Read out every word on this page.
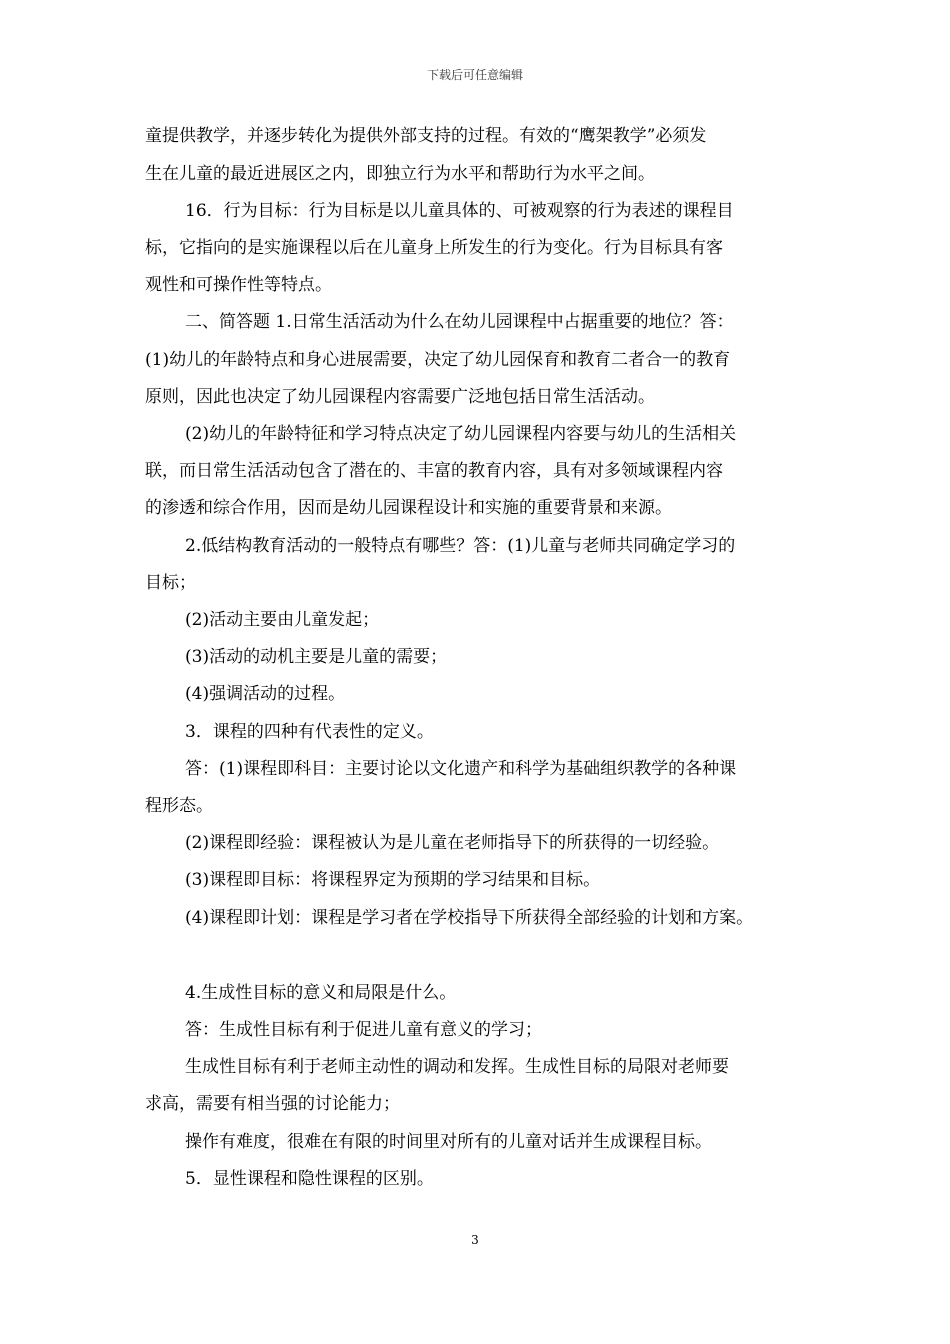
下载后可任意编辑
童提供教学，并逐步转化为提供外部支持的过程。有效的“鹰架教学”必须发
生在儿童的最近进展区之内，即独立行为水平和帮助行为水平之间。
16．行为目标：行为目标是以儿童具体的、可被观察的行为表述的课程目
标，它指向的是实施课程以后在儿童身上所发生的行为变化。行为目标具有客
观性和可操作性等特点。
二、简答题 1.日常生活活动为什么在幼儿园课程中占据重要的地位？答：
(1)幼儿的年龄特点和身心进展需要，决定了幼儿园保育和教育二者合一的教育
原则，因此也决定了幼儿园课程内容需要广泛地包括日常生活活动。
(2)幼儿的年龄特征和学习特点决定了幼儿园课程内容要与幼儿的生活相关
联，而日常生活活动包含了潜在的、丰富的教育内容，具有对多领域课程内容
的渗透和综合作用，因而是幼儿园课程设计和实施的重要背景和来源。
2.低结构教育活动的一般特点有哪些？答：(1)儿童与老师共同确定学习的
目标；
(2)活动主要由儿童发起；
(3)活动的动机主要是儿童的需要；
(4)强调活动的过程。
3．课程的四种有代表性的定义。
答：(1)课程即科目：主要讨论以文化遗产和科学为基础组织教学的各种课
程形态。
(2)课程即经验：课程被认为是儿童在老师指导下的所获得的一切经验。
(3)课程即目标：将课程界定为预期的学习结果和目标。
(4)课程即计划：课程是学习者在学校指导下所获得全部经验的计划和方案。
4.生成性目标的意义和局限是什么。
答：生成性目标有利于促进儿童有意义的学习；
生成性目标有利于老师主动性的调动和发挥。生成性目标的局限对老师要
求高，需要有相当强的讨论能力；
操作有难度，很难在有限的时间里对所有的儿童对话并生成课程目标。
5．显性课程和隐性课程的区别。
3
